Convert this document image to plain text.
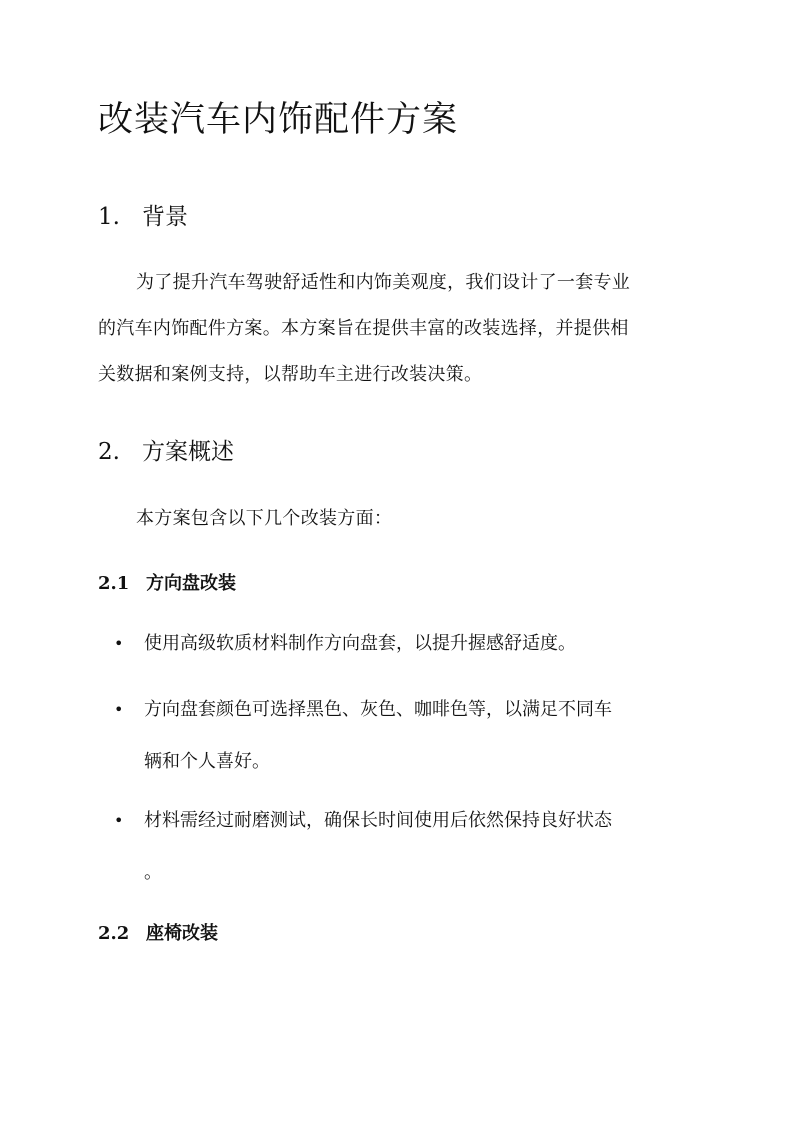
改装汽车内饰配件方案
1. 背景
为了提升汽车驾驶舒适性和内饰美观度，我们设计了一套专业
的汽车内饰配件方案。本方案旨在提供丰富的改装选择，并提供相
关数据和案例支持，以帮助车主进行改装决策。
2. 方案概述
本方案包含以下几个改装方面：
2.1 方向盘改装
•	使用高级软质材料制作方向盘套，以提升握感舒适度。
•	方向盘套颜色可选择黑色、灰色、咖啡色等，以满足不同车
辆和个人喜好。
•	材料需经过耐磨测试，确保长时间使用后依然保持良好状态
。
2.2 座椅改装
